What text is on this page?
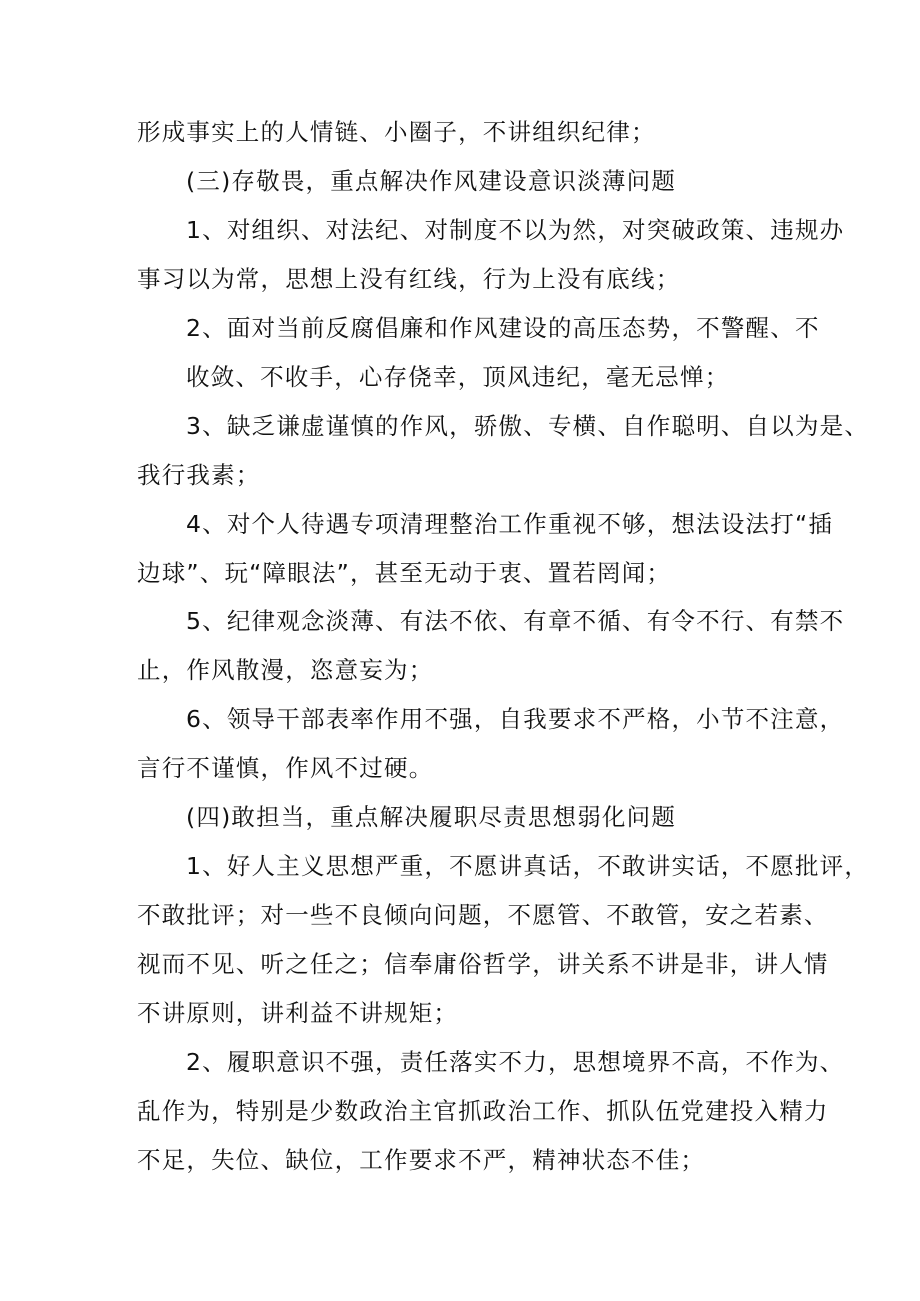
形成事实上的人情链、小圈子，不讲组织纪律；
(三)存敬畏，重点解决作风建设意识淡薄问题
1、对组织、对法纪、对制度不以为然，对突破政策、违规办
事习以为常，思想上没有红线，行为上没有底线；
2、面对当前反腐倡廉和作风建设的高压态势，不警醒、不
收敛、不收手，心存侥幸，顶风违纪，毫无忌惮；
3、缺乏谦虚谨慎的作风，骄傲、专横、自作聪明、自以为是、
我行我素；
4、对个人待遇专项清理整治工作重视不够，想法设法打“插
边球”、玩“障眼法”，甚至无动于衷、置若罔闻；
5、纪律观念淡薄、有法不依、有章不循、有令不行、有禁不
止，作风散漫，恣意妄为；
6、领导干部表率作用不强，自我要求不严格，小节不注意，
言行不谨慎，作风不过硬。
(四)敢担当，重点解决履职尽责思想弱化问题
1、好人主义思想严重，不愿讲真话，不敢讲实话，不愿批评，
不敢批评；对一些不良倾向问题，不愿管、不敢管，安之若素、
视而不见、听之任之；信奉庸俗哲学，讲关系不讲是非，讲人情
不讲原则，讲利益不讲规矩；
2、履职意识不强，责任落实不力，思想境界不高，不作为、
乱作为，特别是少数政治主官抓政治工作、抓队伍党建投入精力
不足，失位、缺位，工作要求不严，精神状态不佳；
